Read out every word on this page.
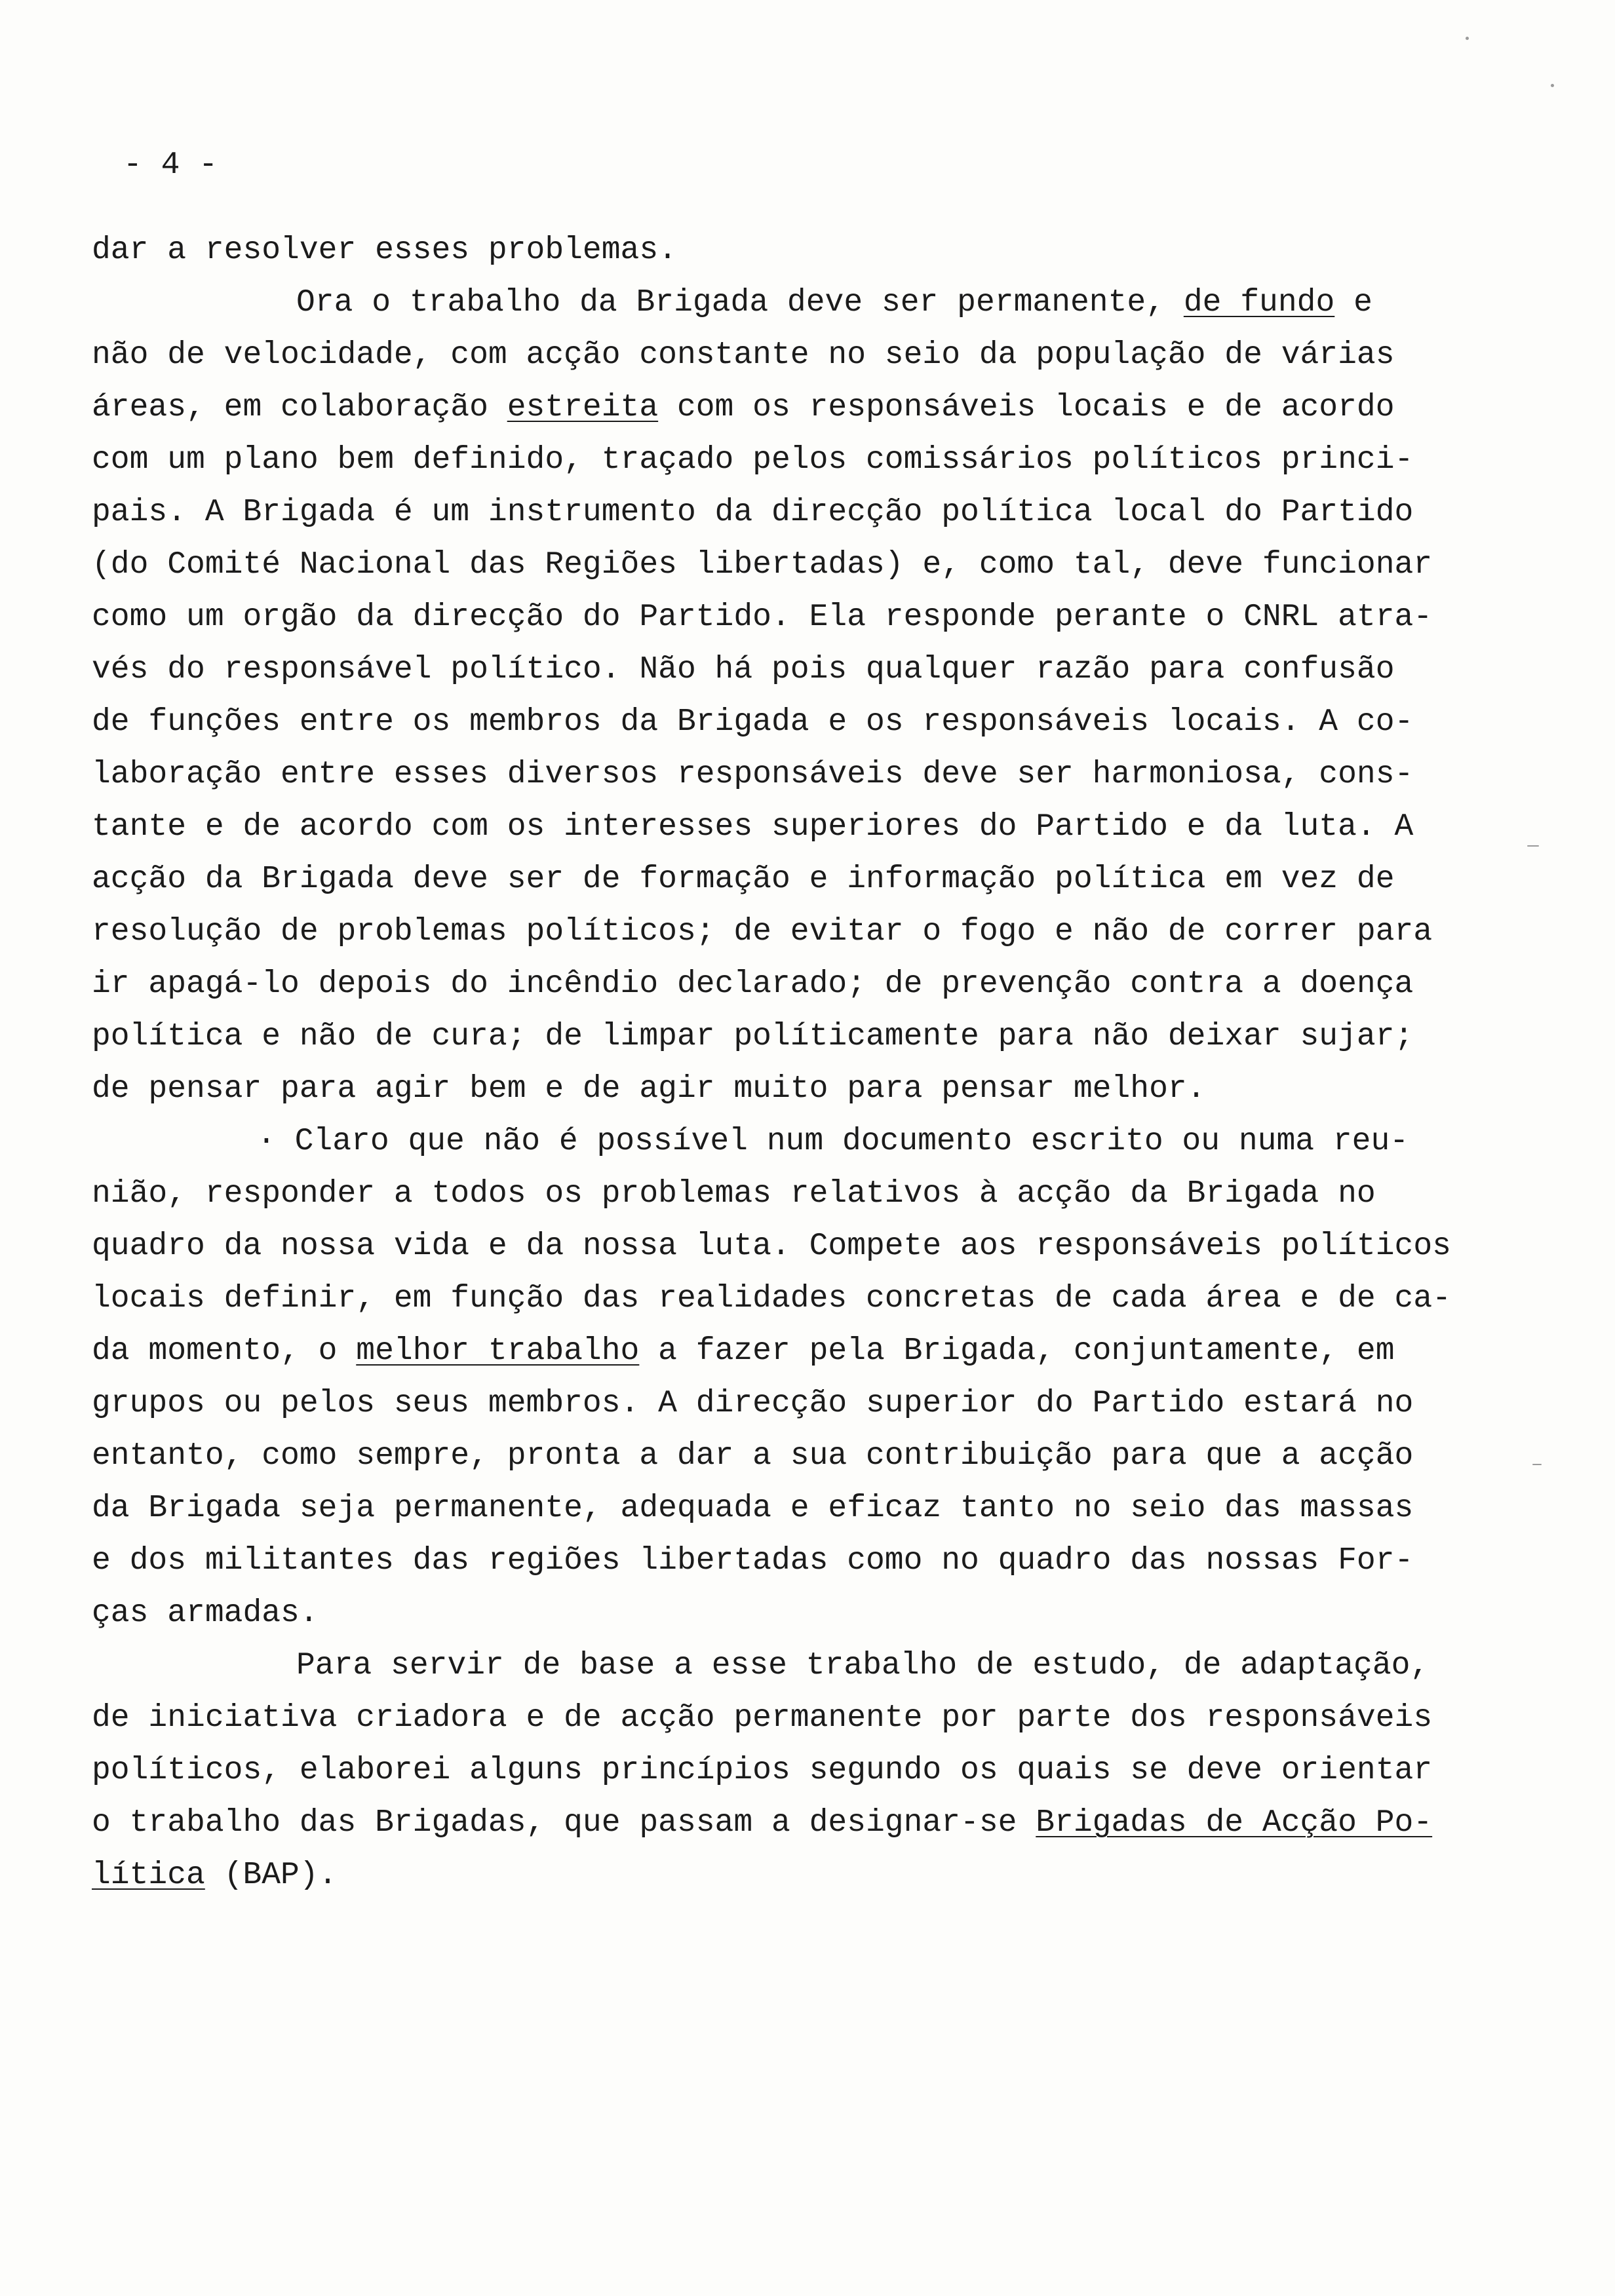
- 4 -
dar a resolver esses problemas.
Ora o trabalho da Brigada deve ser permanente, de fundo e
não de velocidade, com acção constante no seio da população de várias
áreas, em colaboração estreita com os responsáveis locais e de acordo
com um plano bem definido, traçado pelos comissários políticos princi-
pais. A Brigada é um instrumento da direcção política local do Partido
(do Comité Nacional das Regiões libertadas) e, como tal, deve funcionar
como um orgão da direcção do Partido. Ela responde perante o CNRL atra-
vés do responsável político. Não há pois qualquer razão para confusão
de funções entre os membros da Brigada e os responsáveis locais. A co-
laboração entre esses diversos responsáveis deve ser harmoniosa, cons-
tante e de acordo com os interesses superiores do Partido e da luta. A
acção da Brigada deve ser de formação e informação política em vez de
resolução de problemas políticos; de evitar o fogo e não de correr para
ir apagá-lo depois do incêndio declarado; de prevenção contra a doença
política e não de cura; de limpar políticamente para não deixar sujar;
de pensar para agir bem e de agir muito para pensar melhor.
· Claro que não é possível num documento escrito ou numa reu-
nião, responder a todos os problemas relativos à acção da Brigada no
quadro da nossa vida e da nossa luta. Compete aos responsáveis políticos
locais definir, em função das realidades concretas de cada área e de ca-
da momento, o melhor trabalho a fazer pela Brigada, conjuntamente, em
grupos ou pelos seus membros. A direcção superior do Partido estará no
entanto, como sempre, pronta a dar a sua contribuição para que a acção
da Brigada seja permanente, adequada e eficaz tanto no seio das massas
e dos militantes das regiões libertadas como no quadro das nossas For-
ças armadas.
Para servir de base a esse trabalho de estudo, de adaptação,
de iniciativa criadora e de acção permanente por parte dos responsáveis
políticos, elaborei alguns princípios segundo os quais se deve orientar
o trabalho das Brigadas, que passam a designar-se Brigadas de Acção Po-
lítica (BAP).
